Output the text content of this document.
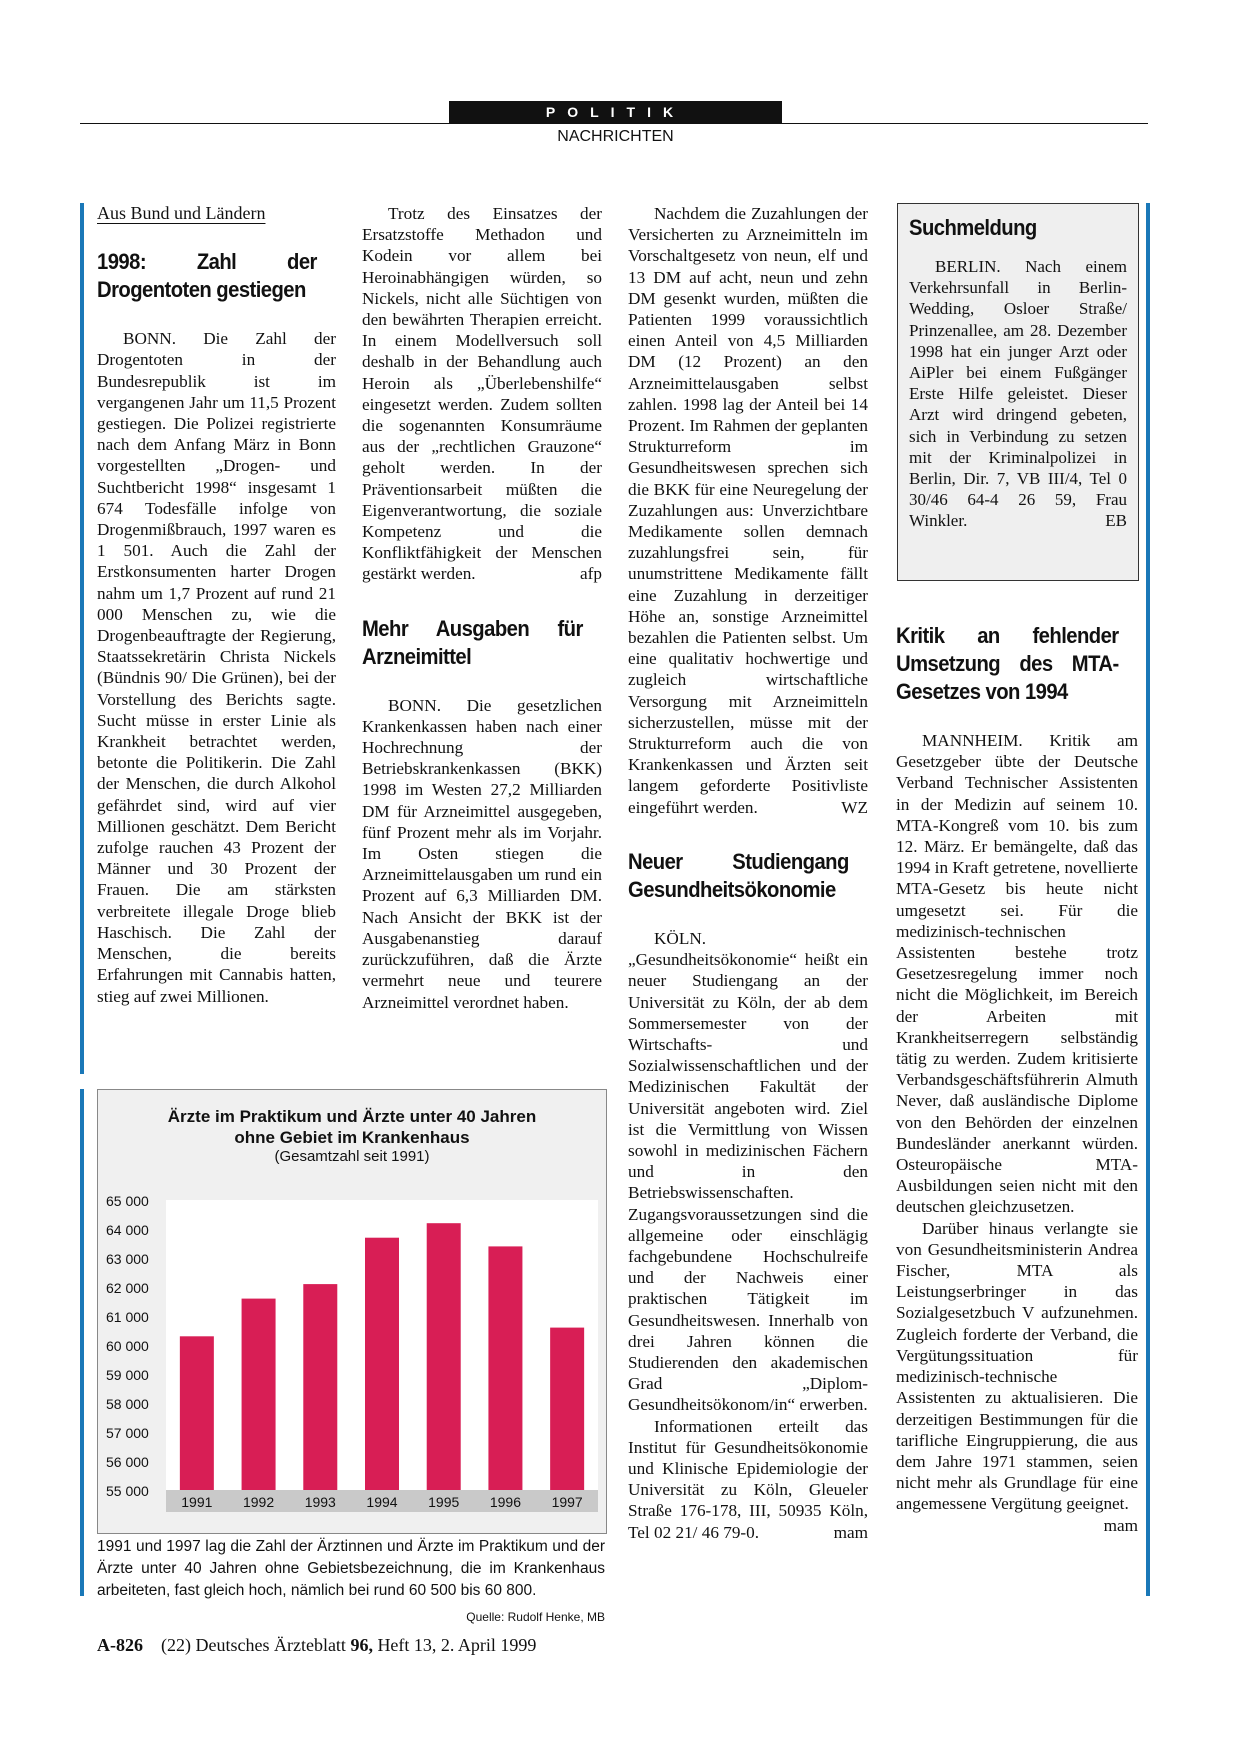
POLITIK
NACHRICHTEN
Aus Bund und Ländern
1998: Zahl der Drogentoten gestiegen

BONN. Die Zahl der Drogentoten in der Bundesrepublik ist im vergangenen Jahr um 11,5 Prozent gestiegen. Die Polizei registrierte nach dem Anfang März in Bonn vorgestellten „Drogen- und Suchtbericht 1998“ insgesamt 1 674 Todesfälle infolge von Drogenmißbrauch, 1997 waren es 1 501. Auch die Zahl der Erstkonsumenten harter Drogen nahm um 1,7 Prozent auf rund 21 000 Menschen zu, wie die Drogenbeauftragte der Regierung, Staatssekretärin Christa Nickels (Bündnis 90/ Die Grünen), bei der Vorstellung des Berichts sagte. Sucht müsse in erster Linie als Krankheit betrachtet werden, betonte die Politikerin. Die Zahl der Menschen, die durch Alkohol gefährdet sind, wird auf vier Millionen geschätzt. Dem Bericht zufolge rauchen 43 Prozent der Männer und 30 Prozent der Frauen. Die am stärksten verbreitete illegale Droge blieb Haschisch. Die Zahl der Menschen, die bereits Erfahrungen mit Cannabis hatten, stieg auf zwei Millionen.

Trotz des Einsatzes der Ersatzstoffe Methadon und Kodein vor allem bei Heroinabhängigen würden, so Nickels, nicht alle Süchtigen von den bewährten Therapien erreicht. In einem Modellversuch soll deshalb in der Behandlung auch Heroin als „Überlebenshilfe“ eingesetzt werden. Zudem sollten die sogenannten Konsumräume aus der „rechtlichen Grauzone“ geholt werden. In der Präventionsarbeit müßten die Eigenverantwortung, die soziale Kompetenz und die Konfliktfähigkeit der Menschen gestärkt werden.	afp

Mehr Ausgaben für Arzneimittel

BONN. Die gesetzlichen Krankenkassen haben nach einer Hochrechnung der Betriebskrankenkassen (BKK) 1998 im Westen 27,2 Milliarden DM für Arzneimittel ausgegeben, fünf Prozent mehr als im Vorjahr. Im Osten stiegen die Arzneimittelausgaben um rund ein Prozent auf 6,3 Milliarden DM. Nach Ansicht der BKK ist der Ausgabenanstieg darauf zurückzuführen, daß die Ärzte vermehrt neue und teurere Arzneimittel verordnet haben.

Nachdem die Zuzahlungen der Versicherten zu Arzneimitteln im Vorschaltgesetz von neun, elf und 13 DM auf acht, neun und zehn DM gesenkt wurden, müßten die Patienten 1999 voraussichtlich einen Anteil von 4,5 Milliarden DM (12 Prozent) an den Arzneimittelausgaben selbst zahlen. 1998 lag der Anteil bei 14 Prozent. Im Rahmen der geplanten Strukturreform im Gesundheitswesen sprechen sich die BKK für eine Neuregelung der Zuzahlungen aus: Unverzichtbare Medikamente sollen demnach zuzahlungsfrei sein, für unumstrittene Medikamente fällt eine Zuzahlung in derzeitiger Höhe an, sonstige Arzneimittel bezahlen die Patienten selbst. Um eine qualitativ hochwertige und zugleich wirtschaftliche Versorgung mit Arzneimitteln sicherzustellen, müsse mit der Strukturreform auch die von Krankenkassen und Ärzten seit langem geforderte Positivliste eingeführt werden.	WZ

Neuer Studiengang Gesundheitsökonomie

KÖLN. „Gesundheitsökonomie“ heißt ein neuer Studiengang an der Universität zu Köln, der ab dem Sommersemester von der Wirtschafts- und Sozialwissenschaftlichen und der Medizinischen Fakultät der Universität angeboten wird. Ziel ist die Vermittlung von Wissen sowohl in medizinischen Fächern und in den Betriebswissenschaften. Zugangsvoraussetzungen sind die allgemeine oder einschlägig fachgebundene Hochschulreife und der Nachweis einer praktischen Tätigkeit im Gesundheitswesen. Innerhalb von drei Jahren können die Studierenden den akademischen Grad „Diplom-Gesundheitsökonom/in“ erwerben.

Informationen erteilt das Institut für Gesundheitsökonomie und Klinische Epidemiologie der Universität zu Köln, Gleueler Straße 176-178, III, 50935 Köln, Tel 02 21/ 46 79-0.	mam

Suchmeldung

BERLIN. Nach einem Verkehrsunfall in Berlin-Wedding, Osloer Straße/ Prinzenallee, am 28. Dezember 1998 hat ein junger Arzt oder AiPler bei einem Fußgänger Erste Hilfe geleistet. Dieser Arzt wird dringend gebeten, sich in Verbindung zu setzen mit der Kriminalpolizei in Berlin, Dir. 7, VB III/4, Tel 0 30/46 64-4 26 59, Frau Winkler.	EB

Kritik an fehlender Umsetzung des MTA-Gesetzes von 1994

MANNHEIM. Kritik am Gesetzgeber übte der Deutsche Verband Technischer Assistenten in der Medizin auf seinem 10. MTA-Kongreß vom 10. bis zum 12. März. Er bemängelte, daß das 1994 in Kraft getretene, novellierte MTA-Gesetz bis heute nicht umgesetzt sei. Für die medizinisch-technischen Assistenten bestehe trotz Gesetzesregelung immer noch nicht die Möglichkeit, im Bereich der Arbeiten mit Krankheitserregern selbständig tätig zu werden. Zudem kritisierte Verbandsgeschäftsführerin Almuth Never, daß ausländische Diplome von den Behörden der einzelnen Bundesländer anerkannt würden. Osteuropäische MTA-Ausbildungen seien nicht mit den deutschen gleichzusetzen.

Darüber hinaus verlangte sie von Gesundheitsministerin Andrea Fischer, MTA als Leistungserbringer in das Sozialgesetzbuch V aufzunehmen. Zugleich forderte der Verband, die Vergütungssituation für medizinisch-technische Assistenten zu aktualisieren. Die derzeitigen Bestimmungen für die tarifliche Eingruppierung, die aus dem Jahre 1971 stammen, seien nicht mehr als Grundlage für eine angemessene Vergütung geeignet.
mam

Ärzte im Praktikum und Ärzte unter 40 Jahren
ohne Gebiet im Krankenhaus
(Gesamtzahl seit 1991)
55 000
56 000
57 000
58 000
59 000
60 000
61 000
62 000
63 000
64 000
65 000
1991 1992 1993 1994 1995 1996 1997
1991 und 1997 lag die Zahl der Ärztinnen und Ärzte im Praktikum und der Ärzte unter 40 Jahren ohne Gebietsbezeichnung, die im Krankenhaus arbeiteten, fast gleich hoch, nämlich bei rund 60 500 bis 60 800.
Quelle: Rudolf Henke, MB
A-826 (22) Deutsches Ärzteblatt 96, Heft 13, 2. April 1999
